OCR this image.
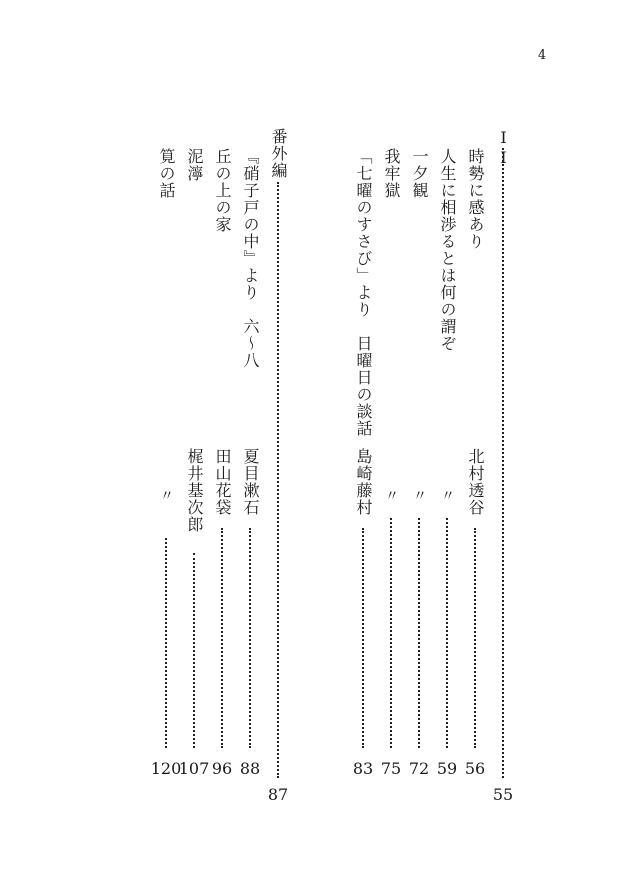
4
II
55
時勢に感あり
北村透谷
56
人生に相渉るとは何の謂ぞ
〃
59
一夕観
〃
72
我牢獄
〃
75
「七曜のすさび」より　日曜日の談話
島崎藤村
83
番外編
87
『硝子戸の中』より　六〜八
夏目漱石
88
丘の上の家
田山花袋
96
泥濘
梶井基次郎
107
筧の話
〃
120
